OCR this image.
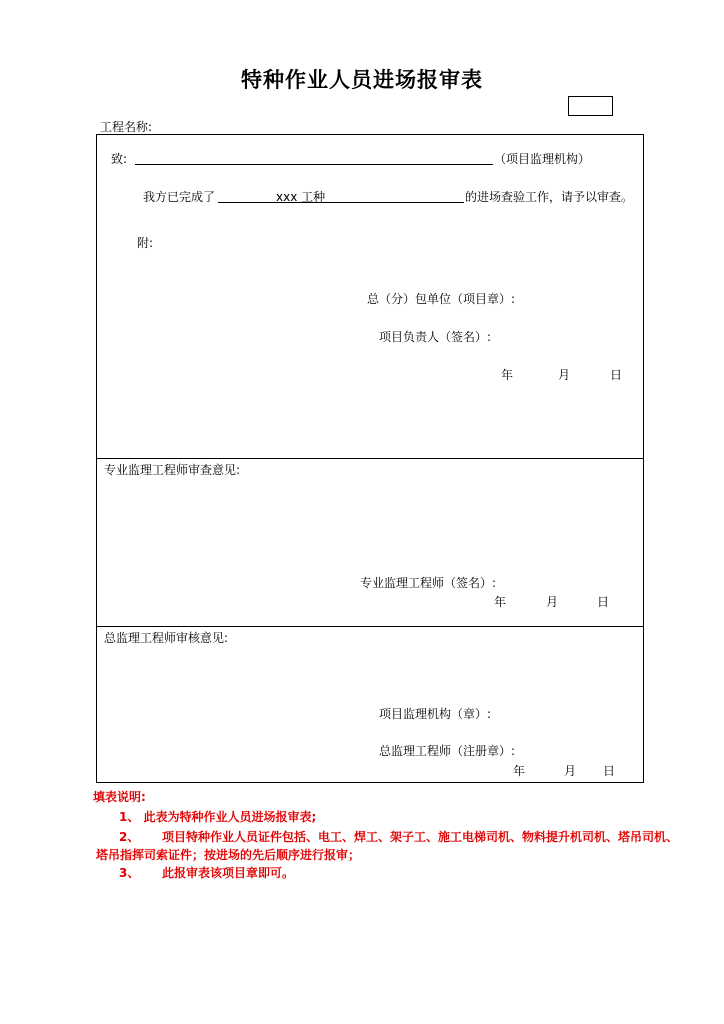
特种作业人员进场报审表
工程名称:
致:	（项目监理机构）
我方已完成了	xxx 工种	的进场查验工作，请予以审查。
附:
总（分）包单位（项目章）:
项目负责人（签名）:
年	月	日
专业监理工程师审查意见:
专业监理工程师（签名）:
年	月	日
总监理工程师审核意见:
项目监理机构（章）:
总监理工程师（注册章）:
年	月 日
填表说明:
1、 此表为特种作业人员进场报审表;
2、 项目特种作业人员证件包括、电工、焊工、架子工、施工电梯司机、物料提升机司机、塔吊司机、
塔吊指挥司索证件；按进场的先后顺序进行报审；
3、 此报审表该项目章即可。
